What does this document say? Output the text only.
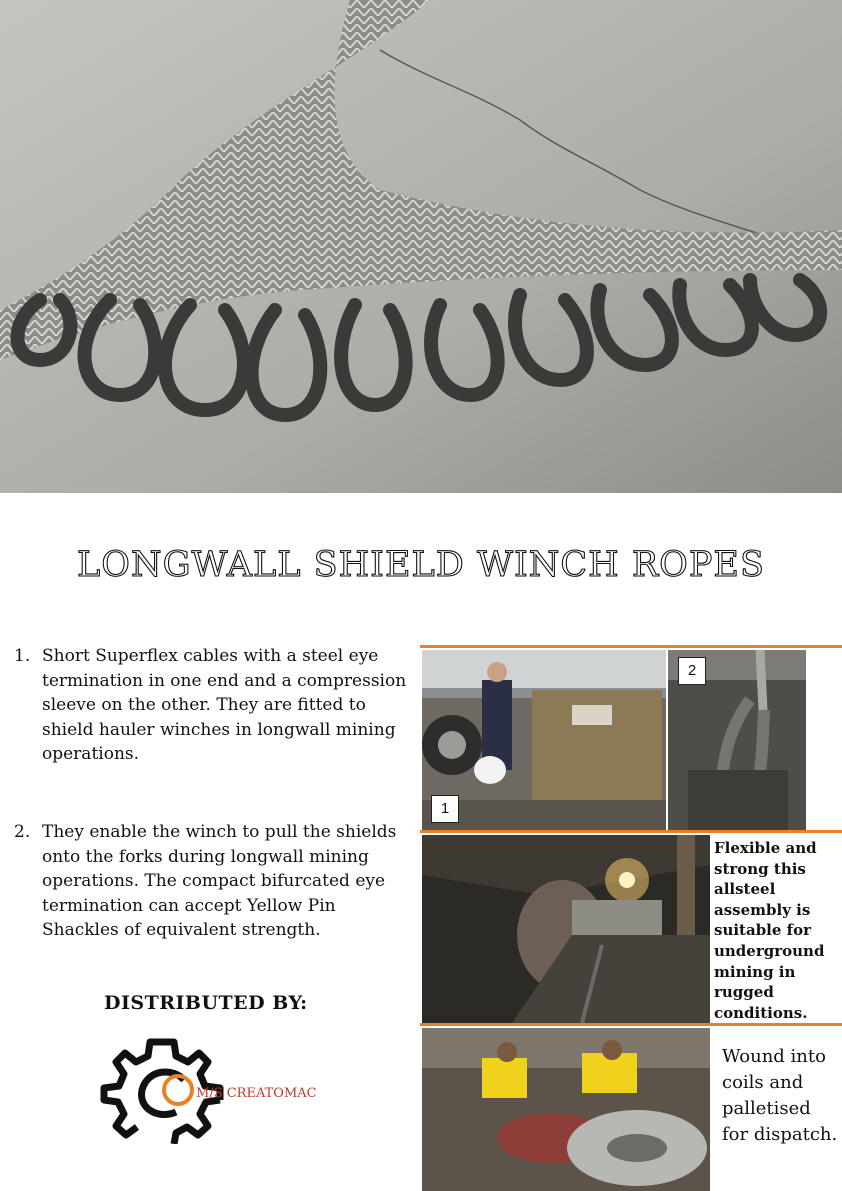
LONGWALL SHIELD WINCH ROPES
1. Short Superflex cables with a steel eye termination in one end and a compression sleeve on the other. They are fitted to shield hauler winches in longwall mining operations.
2. They enable the winch to pull the shields onto the forks during longwall mining operations. The compact bifurcated eye termination can accept Yellow Pin Shackles of equivalent strength.
DISTRIBUTED BY:
M/S CREATOMAC
1
2
Flexible and strong this allsteel assembly is suitable for underground mining in rugged conditions.
Wound into coils and palletised for dispatch.
